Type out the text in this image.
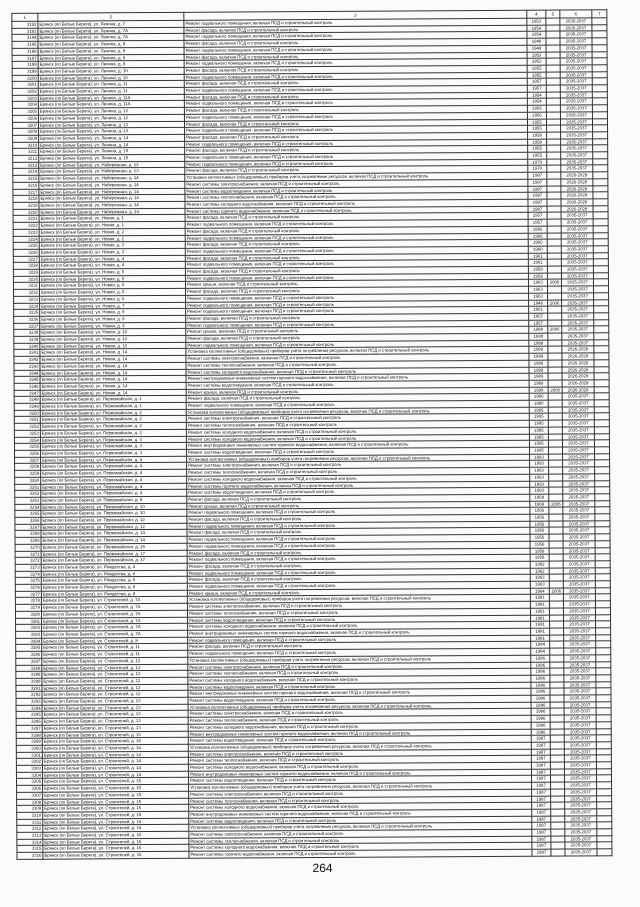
1	2	3	4	5	6	7
3192	Брянск (пп Белые Берега), ул. Ленина, д. 7	Ремонт подвального помещения, включая ПСД и строительный контроль	1953		2035-2037	
3193	Брянск (пп Белые Берега), ул. Ленина, д. 7А	Ремонт фасада, включая ПСД и строительный контроль	1954		2035-2037	
3194	Брянск (пп Белые Берега), ул. Ленина, д. 7А	Ремонт подвального помещения, включая ПСД и строительный контроль	1954		2035-2037	
3195	Брянск (пп Белые Берега), ул. Ленина, д. 8	Ремонт фасада, включая ПСД и строительный контроль	1948		2035-2037	
3196	Брянск (пп Белые Берега), ул. Ленина, д. 8	Ремонт подвального помещения, включая ПСД и строительный контроль	1948		2035-2037	
3197	Брянск (пп Белые Берега), ул. Ленина, д. 9	Ремонт фасада, включая ПСД и строительный контроль	1953		2035-2037	
3198	Брянск (пп Белые Берега), ул. Ленина, д. 9	Ремонт подвального помещения, включая ПСД и строительный контроль	1953		2035-2037	
3199	Брянск (пп Белые Берега), ул. Ленина, д. 10	Ремонт фасада, включая ПСД и строительный контроль	1955		2035-2037	
3200	Брянск (пп Белые Берега), ул. Ленина, д. 10	Ремонт подвального помещения, включая ПСД и строительный контроль	1955		2035-2037	
3201	Брянск (пп Белые Берега), ул. Ленина, д. 11	Ремонт фасада, включая ПСД и строительный контроль	1957		2035-2037	
3202	Брянск (пп Белые Берега), ул. Ленина, д. 11	Ремонт подвального помещения, включая ПСД и строительный контроль	1957		2035-2037	
3203	Брянск (пп Белые Берега), ул. Ленина, д. 11А	Ремонт фасада, включая ПСД и строительный контроль	1954		2035-2037	
3204	Брянск (пп Белые Берега), ул. Ленина, д. 11А	Ремонт подвального помещения, включая ПСД и строительный контроль	1954		2035-2037	
3205	Брянск (пп Белые Берега), ул. Ленина, д. 12	Ремонт фасада, включая ПСД и строительный контроль	1956		2035-2037	
3206	Брянск (пп Белые Берега), ул. Ленина, д. 12	Ремонт подвального помещения, включая ПСД и строительный контроль	1956		2035-2037	
3207	Брянск (пп Белые Берега), ул. Ленина, д. 13	Ремонт фасада, включая ПСД и строительный контроль	1955		2035-2037	
3208	Брянск (пп Белые Берега), ул. Ленина, д. 13	Ремонт подвального помещения, включая ПСД и строительный контроль	1955		2035-2037	
3209	Брянск (пп Белые Берега), ул. Ленина, д. 14	Ремонт фасада, включая ПСД и строительный контроль	1958		2035-2037	
3210	Брянск (пп Белые Берега), ул. Ленина, д. 14	Ремонт подвального помещения, включая ПСД и строительный контроль	1958		2035-2037	
3211	Брянск (пп Белые Берега), ул. Ленина, д. 15	Ремонт фасада, включая ПСД и строительный контроль	1955		2035-2037	
3212	Брянск (пп Белые Берега), ул. Ленина, д. 15	Ремонт подвального помещения, включая ПСД и строительный контроль	1955		2035-2037	
3213	Брянск (пп Белые Берега), ул. Набережная, д. 13	Ремонт подвального помещения, включая ПСД и строительный контроль	1970		2035-2037	
3214	Брянск (пп Белые Берега), ул. Набережная, д. 13	Ремонт фасада, включая ПСД и строительный контроль	1970		2035-2037	
3215	Брянск (пп Белые Берега), ул. Набережная, д. 14	Установка коллективных (общедомовых) приборов учета потребления ресурсов, включая ПСД и строительный контроль	1987		2026-2028	
3216	Брянск (пп Белые Берега), ул. Набережная, д. 14	Ремонт системы электроснабжения, включая ПСД и строительный контроль	1987		2026-2028	
3217	Брянск (пп Белые Берега), ул. Набережная, д. 14	Ремонт системы водоотведения, включая ПСД и строительный контроль	1987		2026-2028	
3218	Брянск (пп Белые Берега), ул. Набережная, д. 14	Ремонт системы теплоснабжения, включая ПСД и строительный контроль	1987		2026-2028	
3219	Брянск (пп Белые Берега), ул. Набережная, д. 14	Ремонт системы холодного водоснабжения, включая ПСД и строительный контроль	1987		2026-2028	
3220	Брянск (пп Белые Берега), ул. Набережная, д. 14	Ремонт системы горячего водоснабжения, включая ПСД и строительный контроль	1987		2026-2028	
3221	Брянск (пп Белые Берега), ул. Новая, д. 1	Ремонт фасада, включая ПСД и строительный контроль	1957		2035-2037	
3222	Брянск (пп Белые Берега), ул. Новая, д. 1	Ремонт подвального помещения, включая ПСД и строительный контроль	1957		2035-2037	
3223	Брянск (пп Белые Берега), ул. Новая, д. 2	Ремонт фасада, включая ПСД и строительный контроль	1966		2035-2037	
3224	Брянск (пп Белые Берега), ул. Новая, д. 2	Ремонт подвального помещения, включая ПСД и строительный контроль	1966		2035-2037	
3225	Брянск (пп Белые Берега), ул. Новая, д. 3	Ремонт фасада, включая ПСД и строительный контроль	1960		2035-2037	
3226	Брянск (пп Белые Берега), ул. Новая, д. 3	Ремонт подвального помещения, включая ПСД и строительный контроль	1960		2035-2037	
3227	Брянск (пп Белые Берега), ул. Новая, д. 4	Ремонт фасада, включая ПСД и строительный контроль	1961		2035-2037	
3228	Брянск (пп Белые Берега), ул. Новая, д. 4	Ремонт подвального помещения, включая ПСД и строительный контроль	1961		2035-2037	
3229	Брянск (пп Белые Берега), ул. Новая, д. 5	Ремонт фасада, включая ПСД и строительный контроль	1959		2035-2037	
3230	Брянск (пп Белые Берега), ул. Новая, д. 5	Ремонт подвального помещения, включая ПСД и строительный контроль	1959		2035-2037	
3231	Брянск (пп Белые Берега), ул. Новая, д. 6	Ремонт крыши, включая ПСД и строительный контроль	1963	2006	2035-2037	
3232	Брянск (пп Белые Берега), ул. Новая, д. 6	Ремонт фасада, включая ПСД и строительный контроль	1963		2035-2037	
3233	Брянск (пп Белые Берега), ул. Новая, д. 6	Ремонт подвального помещения, включая ПСД и строительный контроль	1963		2035-2037	
3234	Брянск (пп Белые Берега), ул. Новая, д. 7	Ремонт подвального помещения, включая ПСД и строительный контроль	1948	2006	2035-2037	
3235	Брянск (пп Белые Берега), ул. Новая, д. 8	Ремонт подвального помещения, включая ПСД и строительный контроль	1961		2035-2037	
3236	Брянск (пп Белые Берега), ул. Новая, д. 9	Ремонт фасада, включая ПСД и строительный контроль	1957		2035-2037	
3237	Брянск (пп Белые Берега), ул. Новая, д. 9	Ремонт подвального помещения, включая ПСД и строительный контроль	1957		2035-2037	
3238	Брянск (пп Белые Берега), ул. Новая, д. 10	Ремонт крыши, включая ПСД и строительный контроль	1988	2006	2035-2037	
3239	Брянск (пп Белые Берега), ул. Новая, д. 10	Ремонт фасада, включая ПСД и строительный контроль	1988		2035-2037	
3240	Брянск (пп Белые Берега), ул. Новая, д. 10	Ремонт подвального помещения, включая ПСД и строительный контроль	1988		2035-2037	
3241	Брянск (пп Белые Берега), ул. Новая, д. 14	Установка коллективных (общедомовых) приборов учета потребления ресурсов, включая ПСД и строительный контроль	1989		2026-2028	
3242	Брянск (пп Белые Берега), ул. Новая, д. 14	Ремонт системы электроснабжения, включая ПСД и строительный контроль	1989		2026-2028	
3243	Брянск (пп Белые Берега), ул. Новая, д. 14	Ремонт системы теплоснабжения, включая ПСД и строительный контроль	1989		2026-2028	
3244	Брянск (пп Белые Берега), ул. Новая, д. 14	Ремонт системы холодного водоснабжения, включая ПСД и строительный контроль	1989		2026-2028	
3245	Брянск (пп Белые Берега), ул. Новая, д. 14	Ремонт внутридомовых инженерных систем горячего водоснабжения, включая ПСД и строительный контроль	1989		2026-2028	
3246	Брянск (пп Белые Берега), ул. Новая, д. 14	Ремонт системы водоотведения, включая ПСД и строительный контроль	1989		2026-2028	
3247	Брянск (пп Белые Берега), ул. Новая, д. 14	Ремонт крыши, включая ПСД и строительный контроль	1989	2006	2026-2028	
3248	Брянск (пп Белые Берега), ул. Первомайская, д. 1	Ремонт фасада, включая ПСД и строительный контроль	1980		2035-2037	
3249	Брянск (пп Белые Берега), ул. Первомайская, д. 1	Ремонт подвального помещения, включая ПСД и строительный контроль	1980		2035-2037	
3250	Брянск (пп Белые Берега), ул. Первомайская, д. 2	Установка коллективных (общедомовых) приборов учета потребления ресурсов, включая ПСД и строительный контроль	1995		2035-2037	
3251	Брянск (пп Белые Берега), ул. Первомайская, д. 2	Ремонт системы электроснабжения, включая ПСД и строительный контроль	1995		2035-2037	
3252	Брянск (пп Белые Берега), ул. Первомайская, д. 2	Ремонт системы теплоснабжения, включая ПСД и строительный контроль	1995		2035-2037	
3253	Брянск (пп Белые Берега), ул. Первомайская, д. 2	Ремонт системы холодного водоснабжения, включая ПСД и строительный контроль	1995		2035-2037	
3254	Брянск (пп Белые Берега), ул. Первомайская, д. 3	Ремонт системы холодного водоснабжения, включая ПСД и строительный контроль	1995		2035-2037	
3255	Брянск (пп Белые Берега), ул. Первомайская, д. 3	Ремонт внутридомовых инженерных систем горячего водоснабжения, включая ПСД и строительный контроль	1995		2035-2037	
3256	Брянск (пп Белые Берега), ул. Первомайская, д. 3	Ремонт системы водоотведения, включая ПСД и строительный контроль	1995		2035-2037	
3257	Брянск (пп Белые Берега), ул. Первомайская, д. 4	Установка коллективных (общедомовых) приборов учета потребления ресурсов, включая ПСД и строительный контроль	1993		2035-2037	
3258	Брянск (пп Белые Берега), ул. Первомайская, д. 4	Ремонт системы электроснабжения, включая ПСД и строительный контроль	1993		2035-2037	
3259	Брянск (пп Белые Берега), ул. Первомайская, д. 4	Ремонт системы теплоснабжения, включая ПСД и строительный контроль	1993		2035-2037	
3260	Брянск (пп Белые Берега), ул. Первомайская, д. 4	Ремонт системы холодного водоснабжения, включая ПСД и строительный контроль	1993		2035-2037	
3261	Брянск (пп Белые Берега), ул. Первомайская, д. 4	Ремонт системы горячего водоснабжения, включая ПСД и строительный контроль	1993		2035-2037	
3262	Брянск (пп Белые Берега), ул. Первомайская, д. 4	Ремонт системы водоотведения, включая ПСД и строительный контроль	1993		2035-2037	
3263	Брянск (пп Белые Берега), ул. Первомайская, д. 8	Ремонт фасада, включая ПСД и строительный контроль	1968		2035-2037	
3264	Брянск (пп Белые Берега), ул. Первомайская, д. 10	Ремонт крыши, включая ПСД и строительный контроль	1968	2006	2035-2037	
3265	Брянск (пп Белые Берега), ул. Первомайская, д. 10	Ремонт подвального помещения, включая ПСД и строительный контроль	1956		2035-2037	
3266	Брянск (пп Белые Берега), ул. Первомайская, д. 12	Ремонт фасада, включая ПСД и строительный контроль	1956		2035-2037	
3267	Брянск (пп Белые Берега), ул. Первомайская, д. 12	Ремонт подвального помещения, включая ПСД и строительный контроль	1956		2035-2037	
3268	Брянск (пп Белые Берега), ул. Первомайская, д. 14	Ремонт фасада, включая ПСД и строительный контроль	1956		2035-2037	
3269	Брянск (пп Белые Берега), ул. Первомайская, д. 14	Ремонт подвального помещения, включая ПСД и строительный контроль	1956		2035-2037	
3270	Брянск (пп Белые Берега), ул. Первомайская, д. 15	Ремонт подвального помещения, включая ПСД и строительный контроль	1956		2035-2037	
3271	Брянск (пп Белые Берега), ул. Первомайская, д. 17	Ремонт фасада, включая ПСД и строительный контроль	1958		2035-2037	
3272	Брянск (пп Белые Берега), ул. Первомайская, д. 17	Ремонт подвального помещения, включая ПСД и строительный контроль	1958		2035-2037	
3273	Брянск (пп Белые Берега), ул. Рождества, д. 4	Ремонт фасада, включая ПСД и строительный контроль	1962		2035-2037	
3274	Брянск (пп Белые Берега), ул. Рождества, д. 4	Ремонт подвального помещения, включая ПСД и строительный контроль	1962		2035-2037	
3275	Брянск (пп Белые Берега), ул. Рождества, д. 6	Ремонт фасада, включая ПСД и строительный контроль	1963		2035-2037	
3276	Брянск (пп Белые Берега), ул. Рождества, д. 6	Ремонт подвального помещения, включая ПСД и строительный контроль	1963		2035-2037	
3277	Брянск (пп Белые Берега), ул. Рождества, д. 8	Ремонт крыши, включая ПСД и строительный контроль	1964	2006	2035-2037	
3278	Брянск (пп Белые Берега), ул. Строителей, д. 7А	Установка коллективных (общедомовых) приборов учета потребления ресурсов, включая ПСД и строительный контроль	1981		2035-2037	
3279	Брянск (пп Белые Берега), ул. Строителей, д. 7А	Ремонт системы электроснабжения, включая ПСД и строительный контроль	1981		2035-2037	
3280	Брянск (пп Белые Берега), ул. Строителей, д. 7А	Ремонт системы теплоснабжения, включая ПСД и строительный контроль	1981		2035-2037	
3281	Брянск (пп Белые Берега), ул. Строителей, д. 7А	Ремонт системы водоотведения, включая ПСД и строительный контроль	1981		2035-2037	
3282	Брянск (пп Белые Берега), ул. Строителей, д. 7А	Ремонт системы холодного водоснабжения, включая ПСД и строительный контроль	1981		2035-2037	
3283	Брянск (пп Белые Берега), ул. Строителей, д. 7А	Ремонт внутридомовых инженерных систем горячего водоснабжения, включая ПСД и строительный контроль	1981		2035-2037	
3284	Брянск (пп Белые Берега), ул. Строителей, д. 8	Ремонт подвального помещения, включая ПСД и строительный контроль	1981		2035-2037	
3285	Брянск (пп Белые Берега), ул. Строителей, д. 11	Ремонт фасада, включая ПСД и строительный контроль	1984		2035-2037	
3286	Брянск (пп Белые Берега), ул. Строителей, д. 11	Ремонт подвального помещения, включая ПСД и строительный контроль	1984		2035-2037	
3287	Брянск (пп Белые Берега), ул. Строителей, д. 12	Установка коллективных (общедомовых) приборов учета потребления ресурсов, включая ПСД и строительный контроль	1986		2035-2037	
3288	Брянск (пп Белые Берега), ул. Строителей, д. 12	Ремонт системы электроснабжения, включая ПСД и строительный контроль	1986		2035-2037	
3289	Брянск (пп Белые Берега), ул. Строителей, д. 12	Ремонт системы теплоснабжения, включая ПСД и строительный контроль	1986		2035-2037	
3290	Брянск (пп Белые Берега), ул. Строителей, д. 12	Ремонт системы холодного водоснабжения, включая ПСД и строительный контроль	1986		2035-2037	
3291	Брянск (пп Белые Берега), ул. Строителей, д. 12	Ремонт системы водоотведения, включая ПСД и строительный контроль	1986		2035-2037	
3292	Брянск (пп Белые Берега), ул. Строителей, д. 12	Ремонт внутридомовых инженерных систем горячего водоснабжения, включая ПСД и строительный контроль	1986		2035-2037	
3293	Брянск (пп Белые Берега), ул. Строителей, д. 13	Ремонт системы водоотведения, включая ПСД и строительный контроль	1986		2035-2037	
3294	Брянск (пп Белые Берега), ул. Строителей, д. 13	Установка коллективных (общедомовых) приборов учета потребления ресурсов, включая ПСД и строительный контроль	1986		2035-2037	
3295	Брянск (пп Белые Берега), ул. Строителей, д. 13	Ремонт системы электроснабжения, включая ПСД и строительный контроль	1986		2035-2037	
3296	Брянск (пп Белые Берега), ул. Строителей, д. 13	Ремонт системы теплоснабжения, включая ПСД и строительный контроль	1986		2035-2037	
3297	Брянск (пп Белые Берега), ул. Строителей, д. 13	Ремонт системы холодного водоснабжения, включая ПСД и строительный контроль	1986		2035-2037	
3298	Брянск (пп Белые Берега), ул. Строителей, д. 13	Ремонт внутридомовых инженерных систем горячего водоснабжения, включая ПСД и строительный контроль	1986		2035-2037	
3299	Брянск (пп Белые Берега), ул. Строителей, д. 14	Ремонт системы водоотведения, включая ПСД и строительный контроль	1987		2035-2037	
3300	Брянск (пп Белые Берега), ул. Строителей, д. 14	Установка коллективных (общедомовых) приборов учета потребления ресурсов, включая ПСД и строительный контроль	1987		2035-2037	
3301	Брянск (пп Белые Берега), ул. Строителей, д. 14	Ремонт системы электроснабжения, включая ПСД и строительный контроль	1987		2035-2037	
3302	Брянск (пп Белые Берега), ул. Строителей, д. 14	Ремонт системы теплоснабжения, включая ПСД и строительный контроль	1987		2035-2037	
3303	Брянск (пп Белые Берега), ул. Строителей, д. 14	Ремонт системы холодного водоснабжения, включая ПСД и строительный контроль	1987		2035-2037	
3304	Брянск (пп Белые Берега), ул. Строителей, д. 14	Ремонт внутридомовых инженерных систем горячего водоснабжения, включая ПСД и строительный контроль	1987		2035-2037	
3305	Брянск (пп Белые Берега), ул. Строителей, д. 15	Ремонт системы водоотведения, включая ПСД и строительный контроль	1987		2035-2037	
3306	Брянск (пп Белые Берега), ул. Строителей, д. 15	Установка коллективных (общедомовых) приборов учета потребления ресурсов, включая ПСД и строительный контроль	1987		2035-2037	
3307	Брянск (пп Белые Берега), ул. Строителей, д. 15	Ремонт системы электроснабжения, включая ПСД и строительный контроль	1987		2035-2037	
3308	Брянск (пп Белые Берега), ул. Строителей, д. 15	Ремонт системы теплоснабжения, включая ПСД и строительный контроль	1987		2035-2037	
3309	Брянск (пп Белые Берега), ул. Строителей, д. 15	Ремонт системы холодного водоснабжения, включая ПСД и строительный контроль	1987		2035-2037	
3310	Брянск (пп Белые Берега), ул. Строителей, д. 15	Ремонт внутридомовых инженерных систем горячего водоснабжения, включая ПСД и строительный контроль	1987		2035-2037	
3311	Брянск (пп Белые Берега), ул. Строителей, д. 16	Ремонт системы водоотведения, включая ПСД и строительный контроль	1987		2035-2037	
3312	Брянск (пп Белые Берега), ул. Строителей, д. 16	Установка коллективных (общедомовых) приборов учета потребления ресурсов, включая ПСД и строительный контроль	1987		2035-2037	
3313	Брянск (пп Белые Берега), ул. Строителей, д. 16	Ремонт системы электроснабжения, включая ПСД и строительный контроль	1987		2035-2037	
3314	Брянск (пп Белые Берега), ул. Строителей, д. 16	Ремонт системы теплоснабжения, включая ПСД и строительный контроль	1987		2035-2037	
3315	Брянск (пп Белые Берега), ул. Строителей, д. 16	Ремонт системы холодного водоснабжения, включая ПСД и строительный контроль	1987		2035-2037	
3316	Брянск (пп Белые Берега), ул. Строителей, д. 16	Ремонт системы горячего водоснабжения, включая ПСД и строительный контроль	1987		2035-2037	
264
